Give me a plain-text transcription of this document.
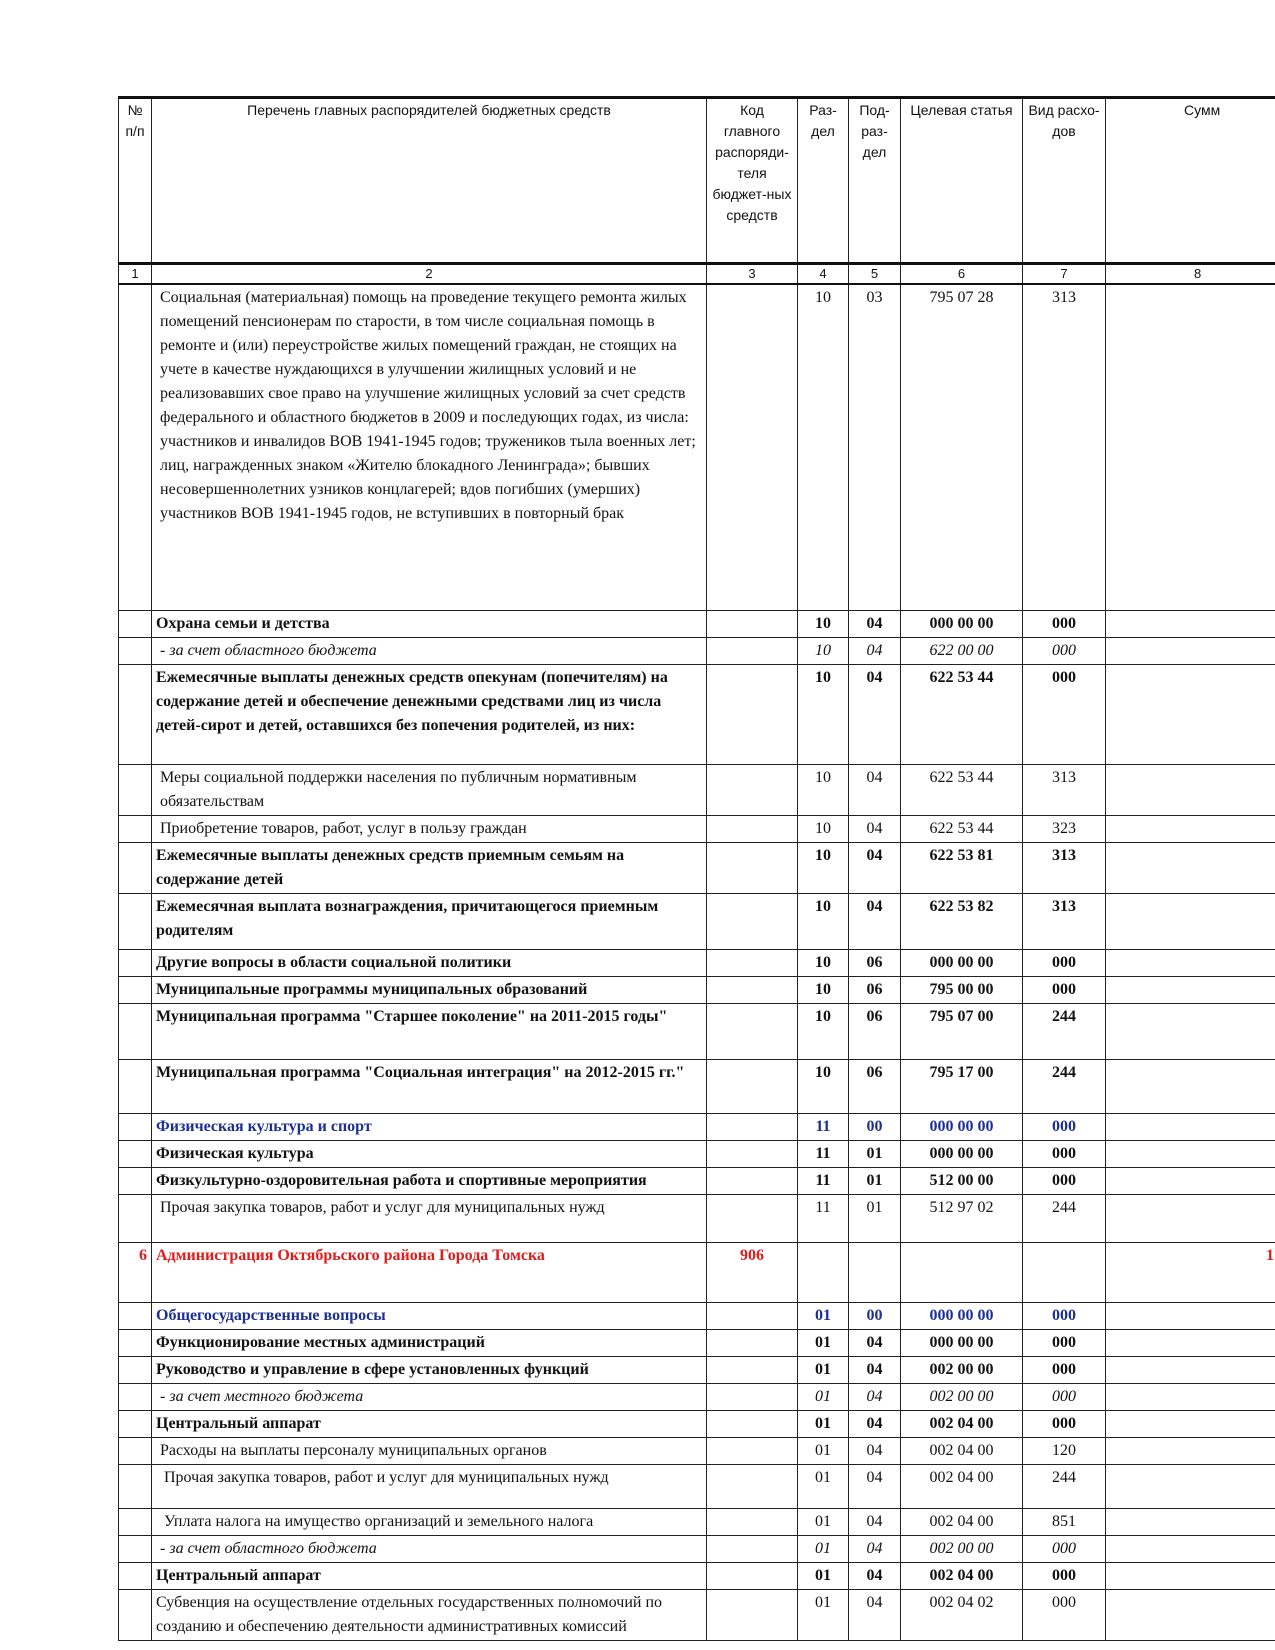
№ п/п	Перечень главных распорядителей бюджетных средств	Код главного распоряди-теля бюджет-ных средств	Раз-дел	Под-раз-дел	Целевая статья	Вид расхо-дов	Сумм
1	2	3	4	5	6	7	8
	Социальная (материальная) помощь на проведение текущего ремонта жилых помещений пенсионерам по старости, в том числе социальная помощь в ремонте и (или) переустройстве жилых помещений граждан, не стоящих на учете в качестве нуждающихся в улучшении жилищных условий и не реализовавших свое право на улучшение жилищных условий за счет средств федерального и областного бюджетов в 2009 и последующих годах, из числа: участников и инвалидов ВОВ 1941-1945 годов; тружеников тыла военных лет; лиц, награжденных знаком «Жителю блокадного Ленинграда»; бывших несовершеннолетних узников концлагерей; вдов погибших (умерших) участников ВОВ 1941-1945 годов, не вступивших в повторный брак		10	03	795 07 28	313	
	Охрана семьи и детства		10	04	000 00 00	000	
	- за счет областного бюджета		10	04	622 00 00	000	
	Ежемесячные выплаты денежных средств опекунам (попечителям) на содержание детей и обеспечение денежными средствами лиц из числа детей-сирот и детей, оставшихся без попечения родителей, из них:		10	04	622 53 44	000	
	Меры социальной поддержки населения по публичным нормативным обязательствам		10	04	622 53 44	313	
	Приобретение товаров, работ, услуг в пользу граждан		10	04	622 53 44	323	
	Ежемесячные выплаты денежных средств приемным семьям на содержание детей		10	04	622 53 81	313	
	Ежемесячная выплата вознаграждения, причитающегося приемным родителям		10	04	622 53 82	313	
	Другие вопросы в области социальной политики		10	06	000 00 00	000	
	Муниципальные программы муниципальных образований		10	06	795 00 00	000	
	Муниципальная программа "Старшее поколение" на 2011-2015 годы"		10	06	795 07 00	244	
	Муниципальная программа "Социальная интеграция" на 2012-2015 гг."		10	06	795 17 00	244	
	Физическая культура и спорт		11	00	000 00 00	000	
	Физическая культура		11	01	000 00 00	000	
	Физкультурно-оздоровительная работа и спортивные мероприятия		11	01	512 00 00	000	
	Прочая закупка товаров, работ и услуг для муниципальных нужд		11	01	512 97 02	244	
6	Администрация Октябрьского района Города Томска	906					1
	Общегосударственные вопросы		01	00	000 00 00	000	
	Функционирование местных администраций		01	04	000 00 00	000	
	Руководство и управление в сфере установленных функций		01	04	002 00 00	000	
	- за счет местного бюджета		01	04	002 00 00	000	
	Центральный аппарат		01	04	002 04 00	000	
	Расходы на выплаты персоналу муниципальных органов		01	04	002 04 00	120	
	Прочая закупка товаров, работ и услуг для муниципальных нужд		01	04	002 04 00	244	
	Уплата налога на имущество организаций и земельного налога		01	04	002 04 00	851	
	- за счет областного бюджета		01	04	002 00 00	000	
	Центральный аппарат		01	04	002 04 00	000	
	Субвенция на осуществление отдельных государственных полномочий по созданию и обеспечению деятельности административных комиссий		01	04	002 04 02	000	
